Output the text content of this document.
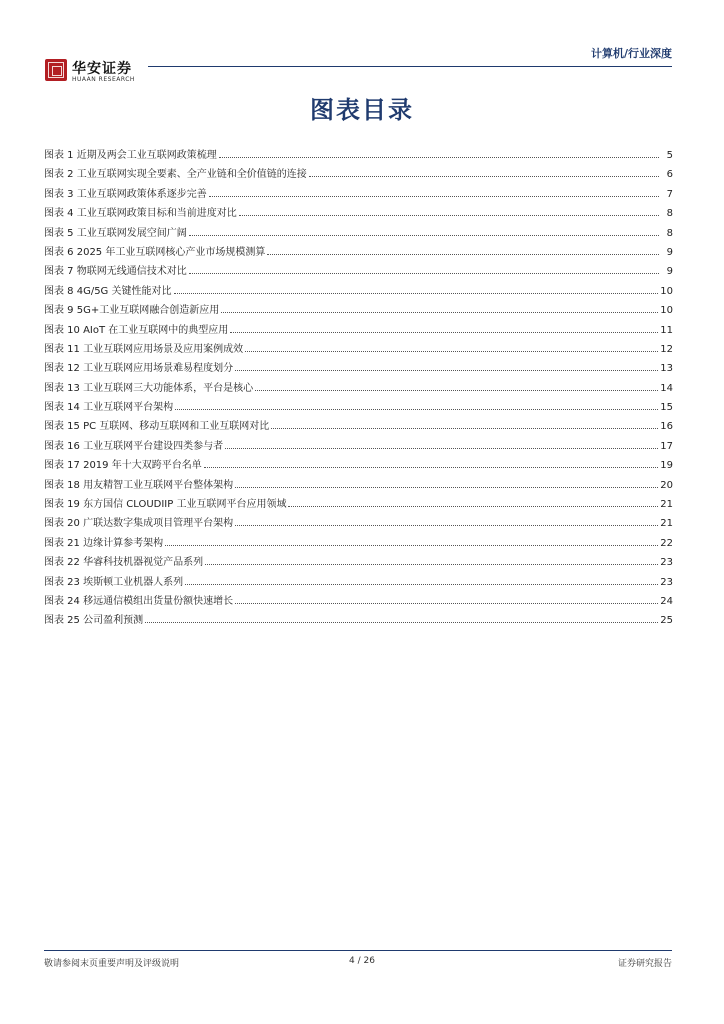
华安证券
HUAAN RESEARCH
计算机/行业深度
图表目录
图表 1 近期及两会工业互联网政策梳理	5
图表 2 工业互联网实现全要素、全产业链和全价值链的连接	6
图表 3 工业互联网政策体系逐步完善	7
图表 4 工业互联网政策目标和当前进度对比	8
图表 5 工业互联网发展空间广阔	8
图表 6 2025 年工业互联网核心产业市场规模测算	9
图表 7 物联网无线通信技术对比	9
图表 8 4G/5G 关键性能对比	10
图表 9 5G+工业互联网融合创造新应用	10
图表 10 AIoT 在工业互联网中的典型应用	11
图表 11 工业互联网应用场景及应用案例成效	12
图表 12 工业互联网应用场景难易程度划分	13
图表 13 工业互联网三大功能体系，平台是核心	14
图表 14 工业互联网平台架构	15
图表 15 PC 互联网、移动互联网和工业互联网对比	16
图表 16 工业互联网平台建设四类参与者	17
图表 17 2019 年十大双跨平台名单	19
图表 18 用友精智工业互联网平台整体架构	20
图表 19 东方国信 CLOUDIIP 工业互联网平台应用领域	21
图表 20 广联达数字集成项目管理平台架构	21
图表 21 边缘计算参考架构	22
图表 22 华睿科技机器视觉产品系列	23
图表 23 埃斯顿工业机器人系列	23
图表 24 移远通信模组出货量份额快速增长	24
图表 25 公司盈利预测	25
敬请参阅末页重要声明及评级说明	4 / 26	证券研究报告
